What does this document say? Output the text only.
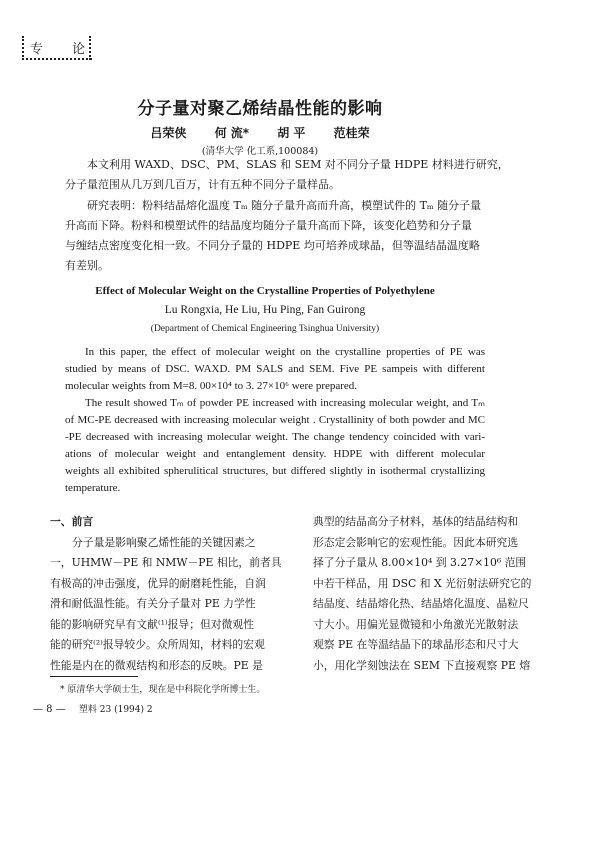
专 论
分子量对聚乙烯结晶性能的影响
吕荣侠 何 流* 胡 平 范桂荣
(清华大学 化工系,100084)
本文利用 WAXD、DSC、PM、SLAS 和 SEM 对不同分子量 HDPE 材料进行研究，
分子量范围从几万到几百万，计有五种不同分子量样品。
研究表明：粉料结晶熔化温度 Tₘ 随分子量升高而升高，模塑试件的 Tₘ 随分子量
升高而下降。粉料和模塑试件的结晶度均随分子量升高而下降，该变化趋势和分子量
与缠结点密度变化相一致。不同分子量的 HDPE 均可培养成球晶，但等温结晶温度略
有差别。
Effect of Molecular Weight on the Crystalline Properties of Polyethylene
Lu Rongxia, He Liu, Hu Ping, Fan Guirong
(Department of Chemical Engineering Tsinghua University)
In this paper, the effect of molecular weight on the crystalline properties of PE was
studied by means of DSC. WAXD. PM SALS and SEM. Five PE sampeis with different
molecular weights from M=8. 00×10⁴ to 3. 27×10⁶ were prepared.
The result showed Tₘ of powder PE increased with increasing molecular weight, and Tₘ
of MC-PE decreased with increasing molecular weight . Crystallinity of both powder and MC
-PE decreased with increasing molecular weight. The change tendency coincided with vari-
ations of molecular weight and entanglement density. HDPE with different molecular
weights all exhibited spherulitical structures, but differed slightly in isothermal crystallizing
temperature.
一、前言
分子量是影响聚乙烯性能的关键因素之
一，UHMW－PE 和 NMW－PE 相比，前者具
有极高的冲击强度，优异的耐磨耗性能，自润
滑和耐低温性能。有关分子量对 PE 力学性
能的影响研究早有文献⁽¹⁾报导；但对微观性
能的研究⁽²⁾报导较少。众所周知，材料的宏观
性能是内在的微观结构和形态的反映。PE 是
典型的结晶高分子材料，基体的结晶结构和
形态定会影响它的宏观性能。因此本研究选
择了分子量从 8.00×10⁴ 到 3.27×10⁶ 范围
中若干样品，用 DSC 和 X 光衍射法研究它的
结晶度、结晶熔化热、结晶熔化温度、晶粒尺
寸大小。用偏光显微镜和小角激光光散射法
观察 PE 在等温结晶下的球晶形态和尺寸大
小，用化学刻蚀法在 SEM 下直接观察 PE 熔
* 原清华大学硕士生，现在是中科院化学所博士生。
— 8 — 塑料 23 (1994) 2
